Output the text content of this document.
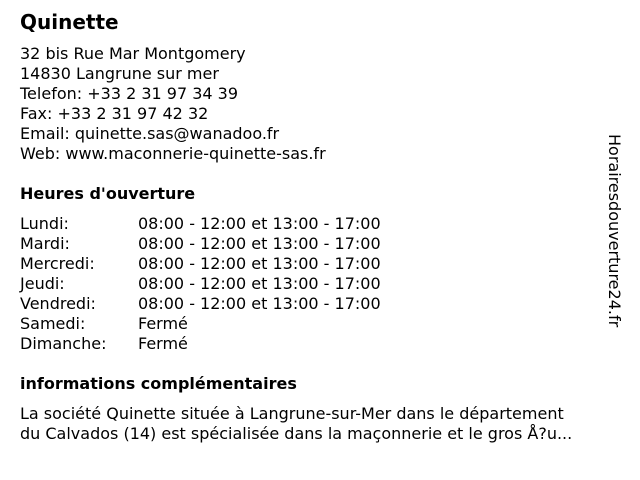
Quinette
32 bis Rue Mar Montgomery
14830 Langrune sur mer
Telefon: +33 2 31 97 34 39
Fax: +33 2 31 97 42 32
Email: quinette.sas@wanadoo.fr
Web: www.maconnerie-quinette-sas.fr
Heures d'ouverture
Lundi:	08:00 - 12:00 et 13:00 - 17:00
Mardi:	08:00 - 12:00 et 13:00 - 17:00
Mercredi:	08:00 - 12:00 et 13:00 - 17:00
Jeudi:	08:00 - 12:00 et 13:00 - 17:00
Vendredi:	08:00 - 12:00 et 13:00 - 17:00
Samedi:	Fermé
Dimanche: Fermé
informations complémentaires
La société Quinette située à Langrune-sur-Mer dans le département
du Calvados (14) est spécialisée dans la maçonnerie et le gros Å?u...
Horairesdouverture24.fr
